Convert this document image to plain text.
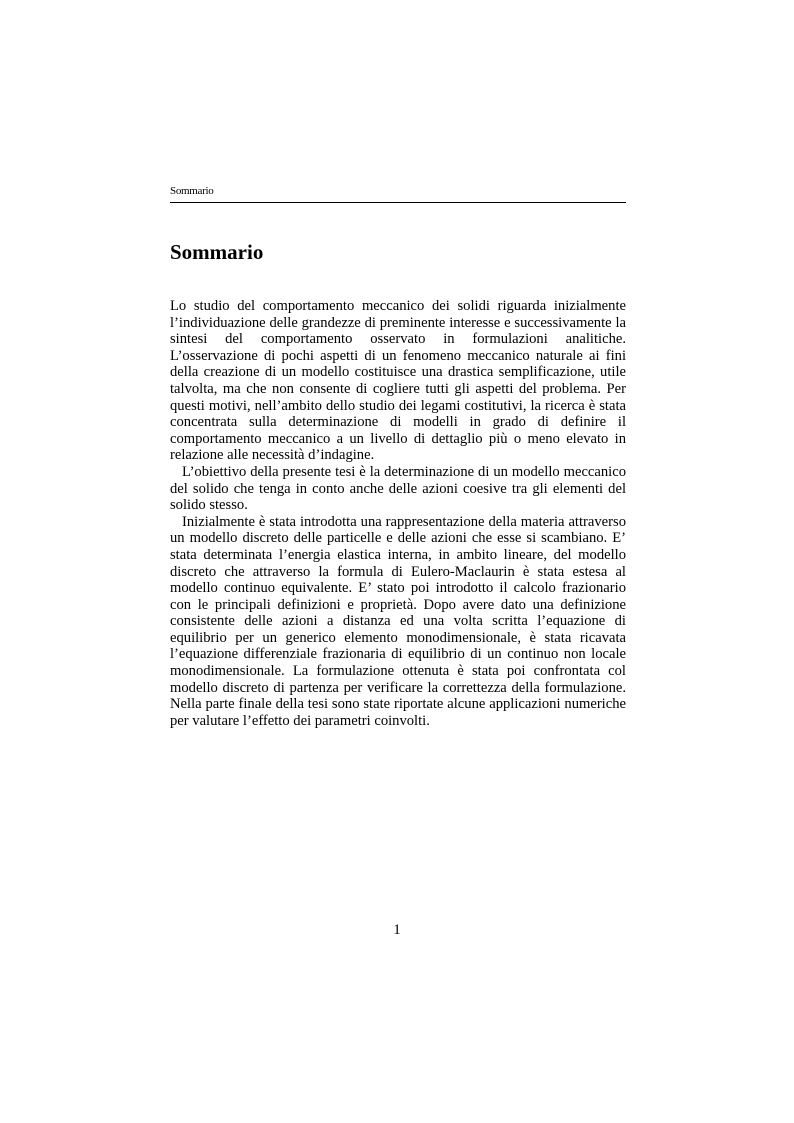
Sommario
Sommario

Lo studio del comportamento meccanico dei solidi riguarda inizialmente l’individuazione delle grandezze di preminente interesse e successivamente la sintesi del comportamento osservato in formulazioni analitiche. L’osservazione di pochi aspetti di un fenomeno meccanico naturale ai fini della creazione di un modello costituisce una drastica semplificazione, utile talvolta, ma che non consente di cogliere tutti gli aspetti del problema. Per questi motivi, nell’ambito dello studio dei legami costitutivi, la ricerca è stata concentrata sulla determinazione di modelli in grado di definire il comportamento meccanico a un livello di dettaglio più o meno elevato in relazione alle necessità d’indagine.

L’obiettivo della presente tesi è la determinazione di un modello meccanico del solido che tenga in conto anche delle azioni coesive tra gli elementi del solido stesso.

Inizialmente è stata introdotta una rappresentazione della materia attraverso un modello discreto delle particelle e delle azioni che esse si scambiano. E’ stata determinata l’energia elastica interna, in ambito lineare, del modello discreto che attraverso la formula di Eulero-Maclaurin è stata estesa al modello continuo equivalente. E’ stato poi introdotto il calcolo frazionario con le principali definizioni e proprietà. Dopo avere dato una definizione consistente delle azioni a distanza ed una volta scritta l’equazione di equilibrio per un generico elemento monodimensionale, è stata ricavata l’equazione differenziale frazionaria di equilibrio di un continuo non locale monodimensionale. La formulazione ottenuta è stata poi confrontata col modello discreto di partenza per verificare la correttezza della formulazione. Nella parte finale della tesi sono state riportate alcune applicazioni numeriche per valutare l’effetto dei parametri coinvolti.

1
